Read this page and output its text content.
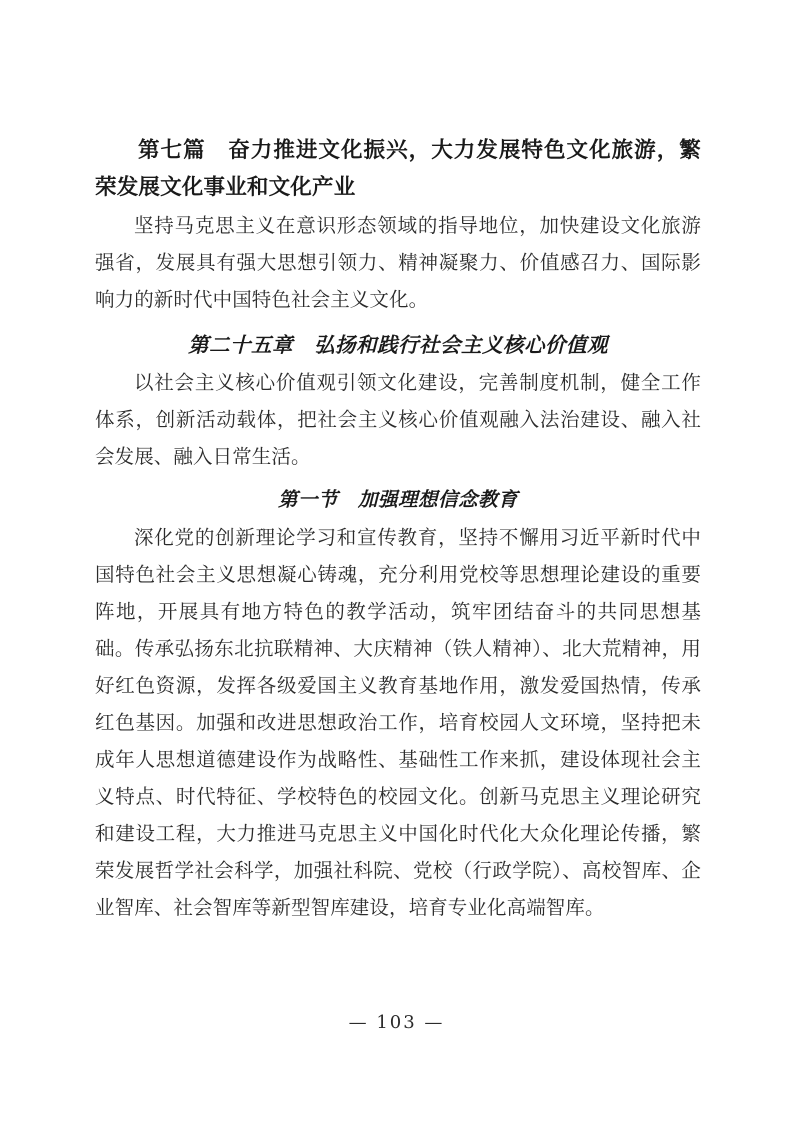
第七篇　奋力推进文化振兴，大力发展特色文化旅游，繁荣发展文化事业和文化产业

坚持马克思主义在意识形态领域的指导地位，加快建设文化旅游强省，发展具有强大思想引领力、精神凝聚力、价值感召力、国际影响力的新时代中国特色社会主义文化。

第二十五章　弘扬和践行社会主义核心价值观

以社会主义核心价值观引领文化建设，完善制度机制，健全工作体系，创新活动载体，把社会主义核心价值观融入法治建设、融入社会发展、融入日常生活。

第一节　加强理想信念教育

深化党的创新理论学习和宣传教育，坚持不懈用习近平新时代中国特色社会主义思想凝心铸魂，充分利用党校等思想理论建设的重要阵地，开展具有地方特色的教学活动，筑牢团结奋斗的共同思想基础。传承弘扬东北抗联精神、大庆精神（铁人精神）、北大荒精神，用好红色资源，发挥各级爱国主义教育基地作用，激发爱国热情，传承红色基因。加强和改进思想政治工作，培育校园人文环境，坚持把未成年人思想道德建设作为战略性、基础性工作来抓，建设体现社会主义特点、时代特征、学校特色的校园文化。创新马克思主义理论研究和建设工程，大力推进马克思主义中国化时代化大众化理论传播，繁荣发展哲学社会科学，加强社科院、党校（行政学院）、高校智库、企业智库、社会智库等新型智库建设，培育专业化高端智库。

— 103 —
